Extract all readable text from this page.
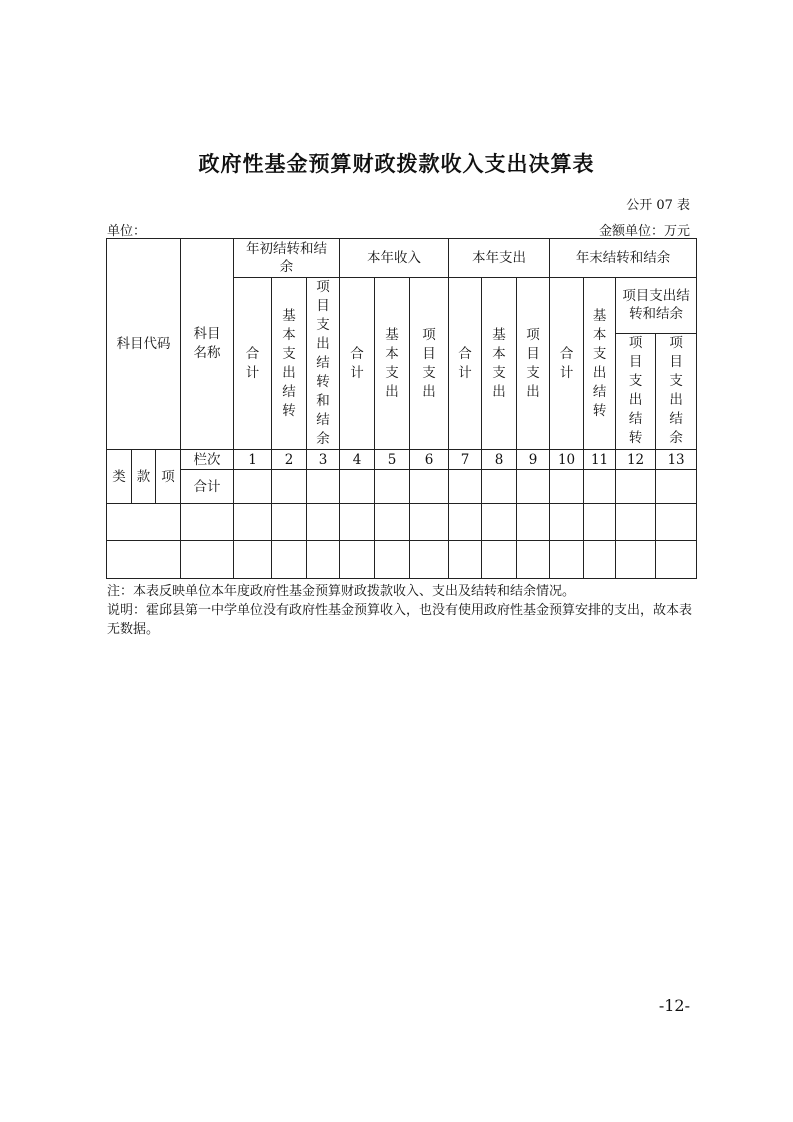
政府性基金预算财政拨款收入支出决算表
公开 07 表
单位：	金额单位：万元
科目代码			科目名称	年初结转和结余			本年收入			本年支出			年末结转和结余			
				合计	基本支出结转	项目支出结转和结余	合计	基本支出	项目支出	合计	基本支出	项目支出	合计	基本支出结转	项目支出结转和结余	
															项目支出结转	项目支出结余
类	款	项	栏次	1	2	3	4	5	6	7	8	9	10	11	12	13
			合计													

注：本表反映单位本年度政府性基金预算财政拨款收入、支出及结转和结余情况。
说明：霍邱县第一中学单位没有政府性基金预算收入，也没有使用政府性基金预算安排的支出，故本表无数据。
-12-
